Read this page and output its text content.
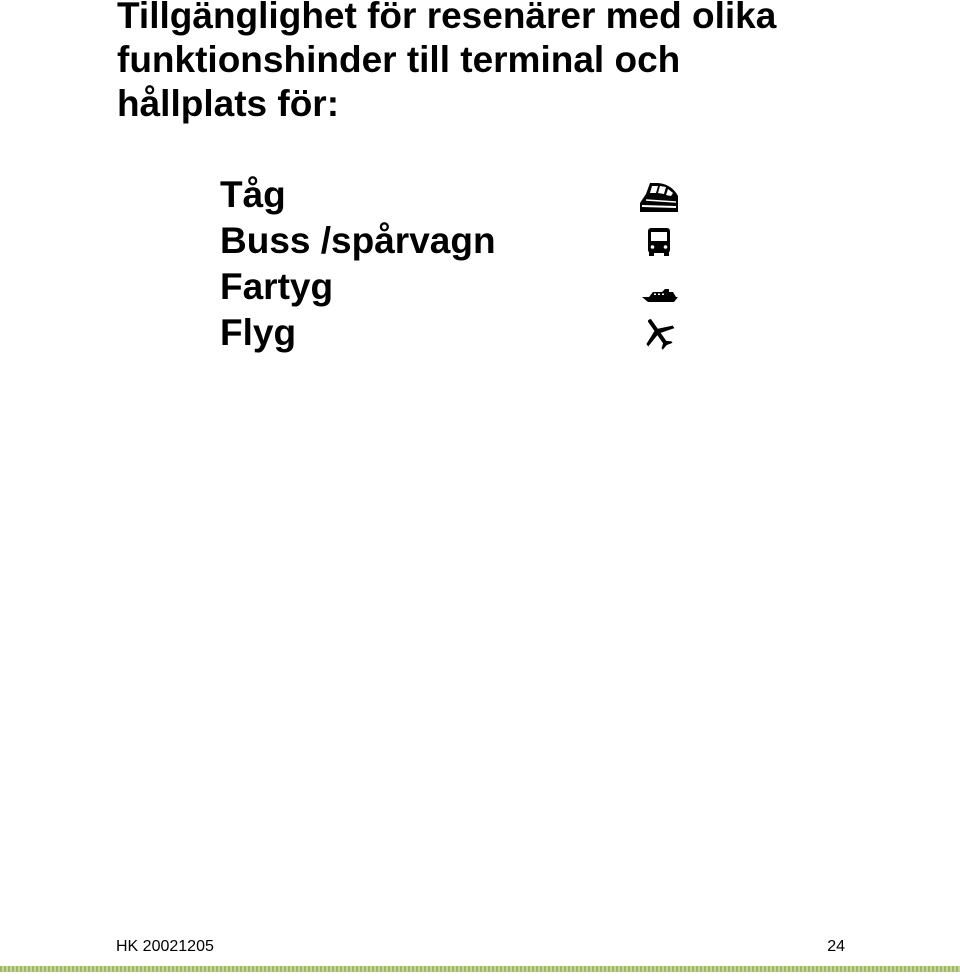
Tillgänglighet för resenärer med olika
funktionshinder till terminal och
hållplats för:
Tåg
Buss /spårvagn
Fartyg
Flyg
HK 20021205	24
